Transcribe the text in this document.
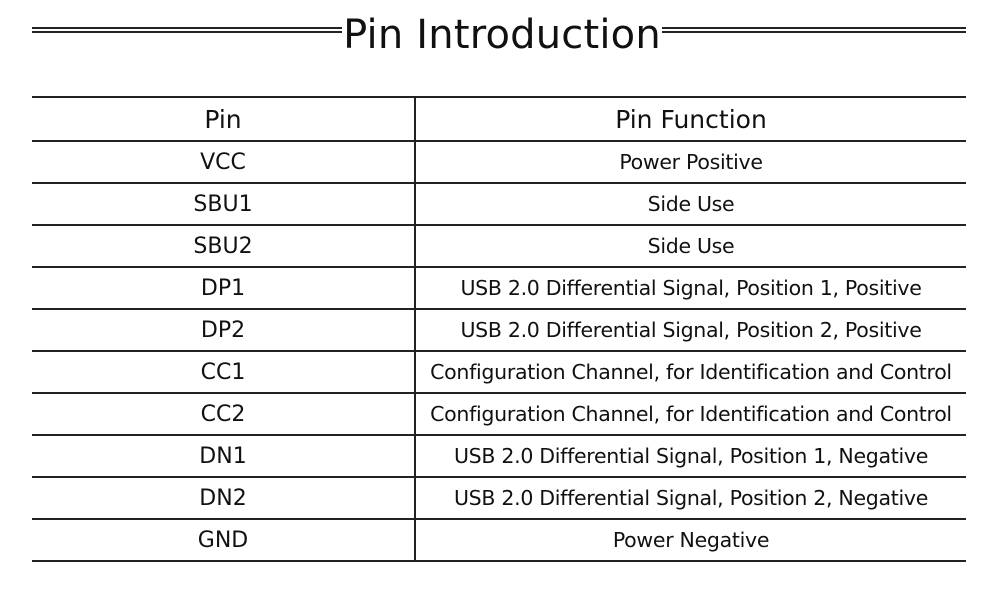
Pin Introduction
Pin	Pin Function
VCC	Power Positive
SBU1	Side Use
SBU2	Side Use
DP1	USB 2.0 Differential Signal, Position 1, Positive
DP2	USB 2.0 Differential Signal, Position 2, Positive
CC1	Configuration Channel, for Identification and Control
CC2	Configuration Channel, for Identification and Control
DN1	USB 2.0 Differential Signal, Position 1, Negative
DN2	USB 2.0 Differential Signal, Position 2, Negative
GND	Power Negative
